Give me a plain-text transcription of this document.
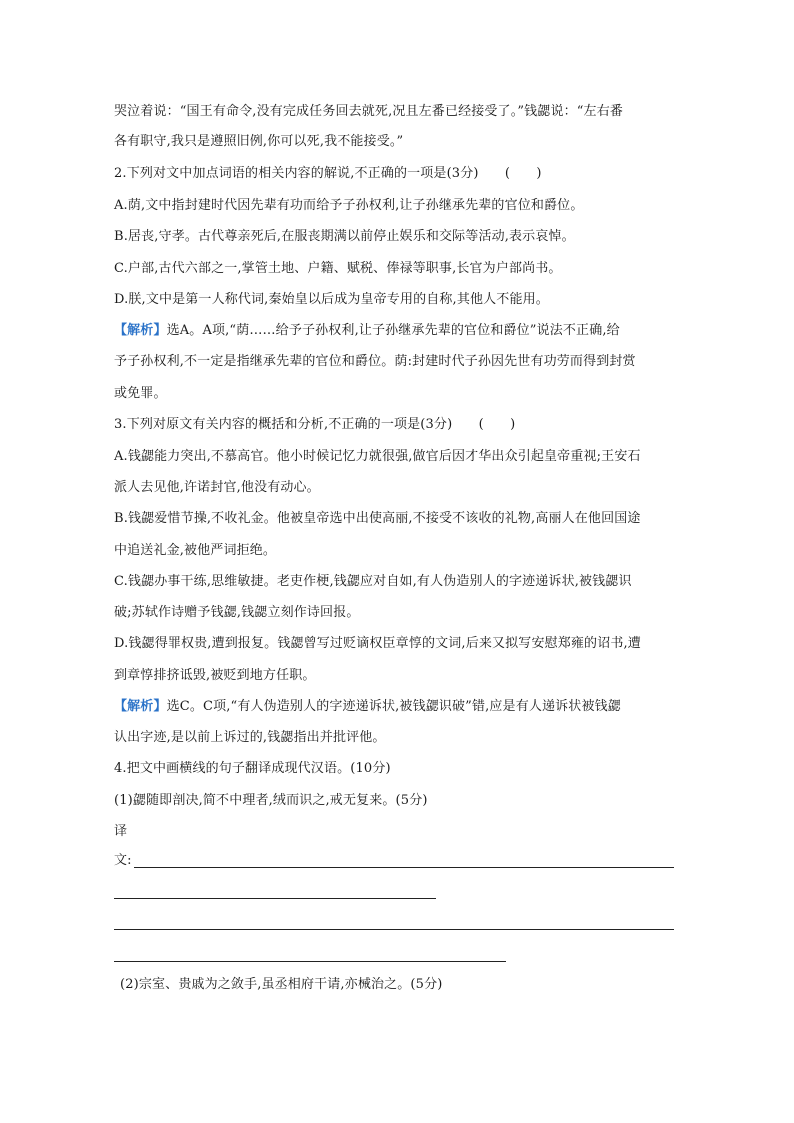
哭泣着说：“国王有命令,没有完成任务回去就死,况且左番已经接受了。”钱勰说：“左右番
各有职守,我只是遵照旧例,你可以死,我不能接受。”
2.下列对文中加点词语的相关内容的解说,不正确的一项是(3分)　　(　　)
A.荫,文中指封建时代因先辈有功而给予子孙权利,让子孙继承先辈的官位和爵位。
B.居丧,守孝。古代尊亲死后,在服丧期满以前停止娱乐和交际等活动,表示哀悼。
C.户部,古代六部之一,掌管土地、户籍、赋税、俸禄等职事,长官为户部尚书。
D.朕,文中是第一人称代词,秦始皇以后成为皇帝专用的自称,其他人不能用。
【解析】选A。A项,“荫……给予子孙权利,让子孙继承先辈的官位和爵位”说法不正确,给
予子孙权利,不一定是指继承先辈的官位和爵位。荫:封建时代子孙因先世有功劳而得到封赏
或免罪。
3.下列对原文有关内容的概括和分析,不正确的一项是(3分)　　(　　)
A.钱勰能力突出,不慕高官。他小时候记忆力就很强,做官后因才华出众引起皇帝重视;王安石
派人去见他,许诺封官,他没有动心。
B.钱勰爱惜节操,不收礼金。他被皇帝选中出使高丽,不接受不该收的礼物,高丽人在他回国途
中追送礼金,被他严词拒绝。
C.钱勰办事干练,思维敏捷。老吏作梗,钱勰应对自如,有人伪造别人的字迹递诉状,被钱勰识
破;苏轼作诗赠予钱勰,钱勰立刻作诗回报。
D.钱勰得罪权贵,遭到报复。钱勰曾写过贬谪权臣章惇的文词,后来又拟写安慰郑雍的诏书,遭
到章惇排挤诋毁,被贬到地方任职。
【解析】选C。C项,“有人伪造别人的字迹递诉状,被钱勰识破”错,应是有人递诉状被钱勰
认出字迹,是以前上诉过的,钱勰指出并批评他。
4.把文中画横线的句子翻译成现代汉语。(10分)
(1)勰随即剖决,简不中理者,绒而识之,戒无复来。(5分)
译
文:
(2)宗室、贵戚为之敛手,虽丞相府干请,亦械治之。(5分)
